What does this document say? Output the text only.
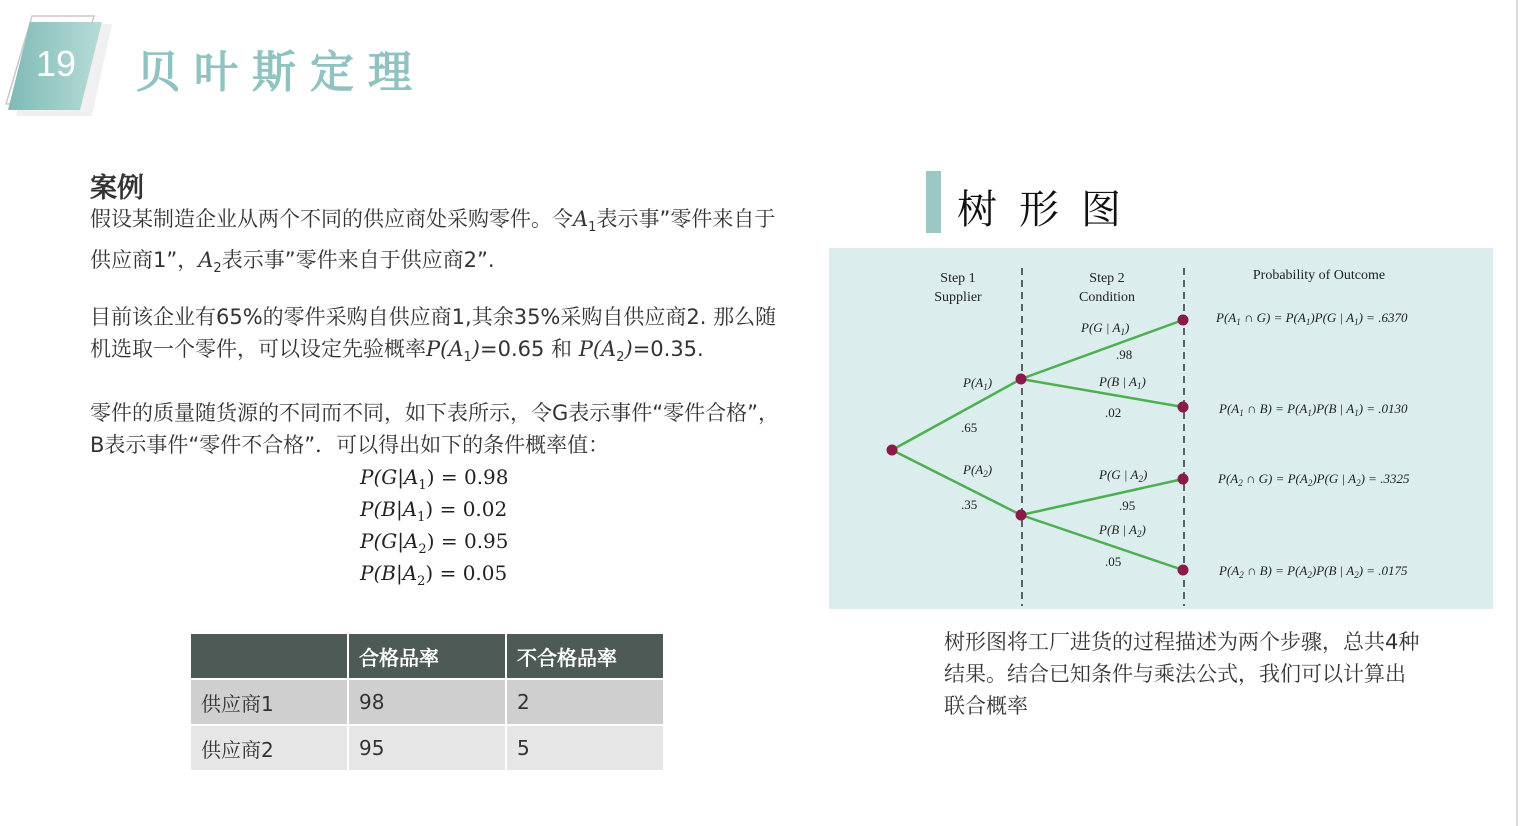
19 贝叶斯定理
案例
假设某制造企业从两个不同的供应商处采购零件。令$A_1$表示事”零件来自于供应商1”，$A_2$表示事”零件来自于供应商2”.
目前该企业有65%的零件采购自供应商1,其余35%采购自供应商2. 那么随机选取一个零件，可以设定先验概率$P(A_1)=0.65$ 和 $P(A_2)=0.35$.
零件的质量随货源的不同而不同，如下表所示，令G表示事件“零件合格”，B表示事件“零件不合格”．可以得出如下的条件概率值：
$P(G|A_1) = 0.98$
$P(B|A_1) = 0.02$
$P(G|A_2) = 0.95$
$P(B|A_2) = 0.05$
	合格品率	不合格品率
供应商1	98	2
供应商2	95	5
树形图
Step 1
Supplier
Step 2
Condition
Probability of Outcome
$P(A_1)$
.65
$P(A_2)$
.35
P(G | $A_1$)
.98
P(B | $A_1$)
.02
P(G | $A_2$)
.95
P(B | $A_2$)
.05
$P(A_1$ ∩ $G) = P(A_1)P(G$ | $A_1) = .6370$
$P(A_1$ ∩ $B) = P(A_1)P(B$ | $A_1) = .0130$
$P(A_2$ ∩ $G) = P(A_2)P(G$ | $A_2) = .3325$
$P(A_2$ ∩ $B) = P(A_2)P(B$ | $A_2) = .0175$
树形图将工厂进货的过程描述为两个步骤，总共4种结果。结合已知条件与乘法公式，我们可以计算出联合概率
